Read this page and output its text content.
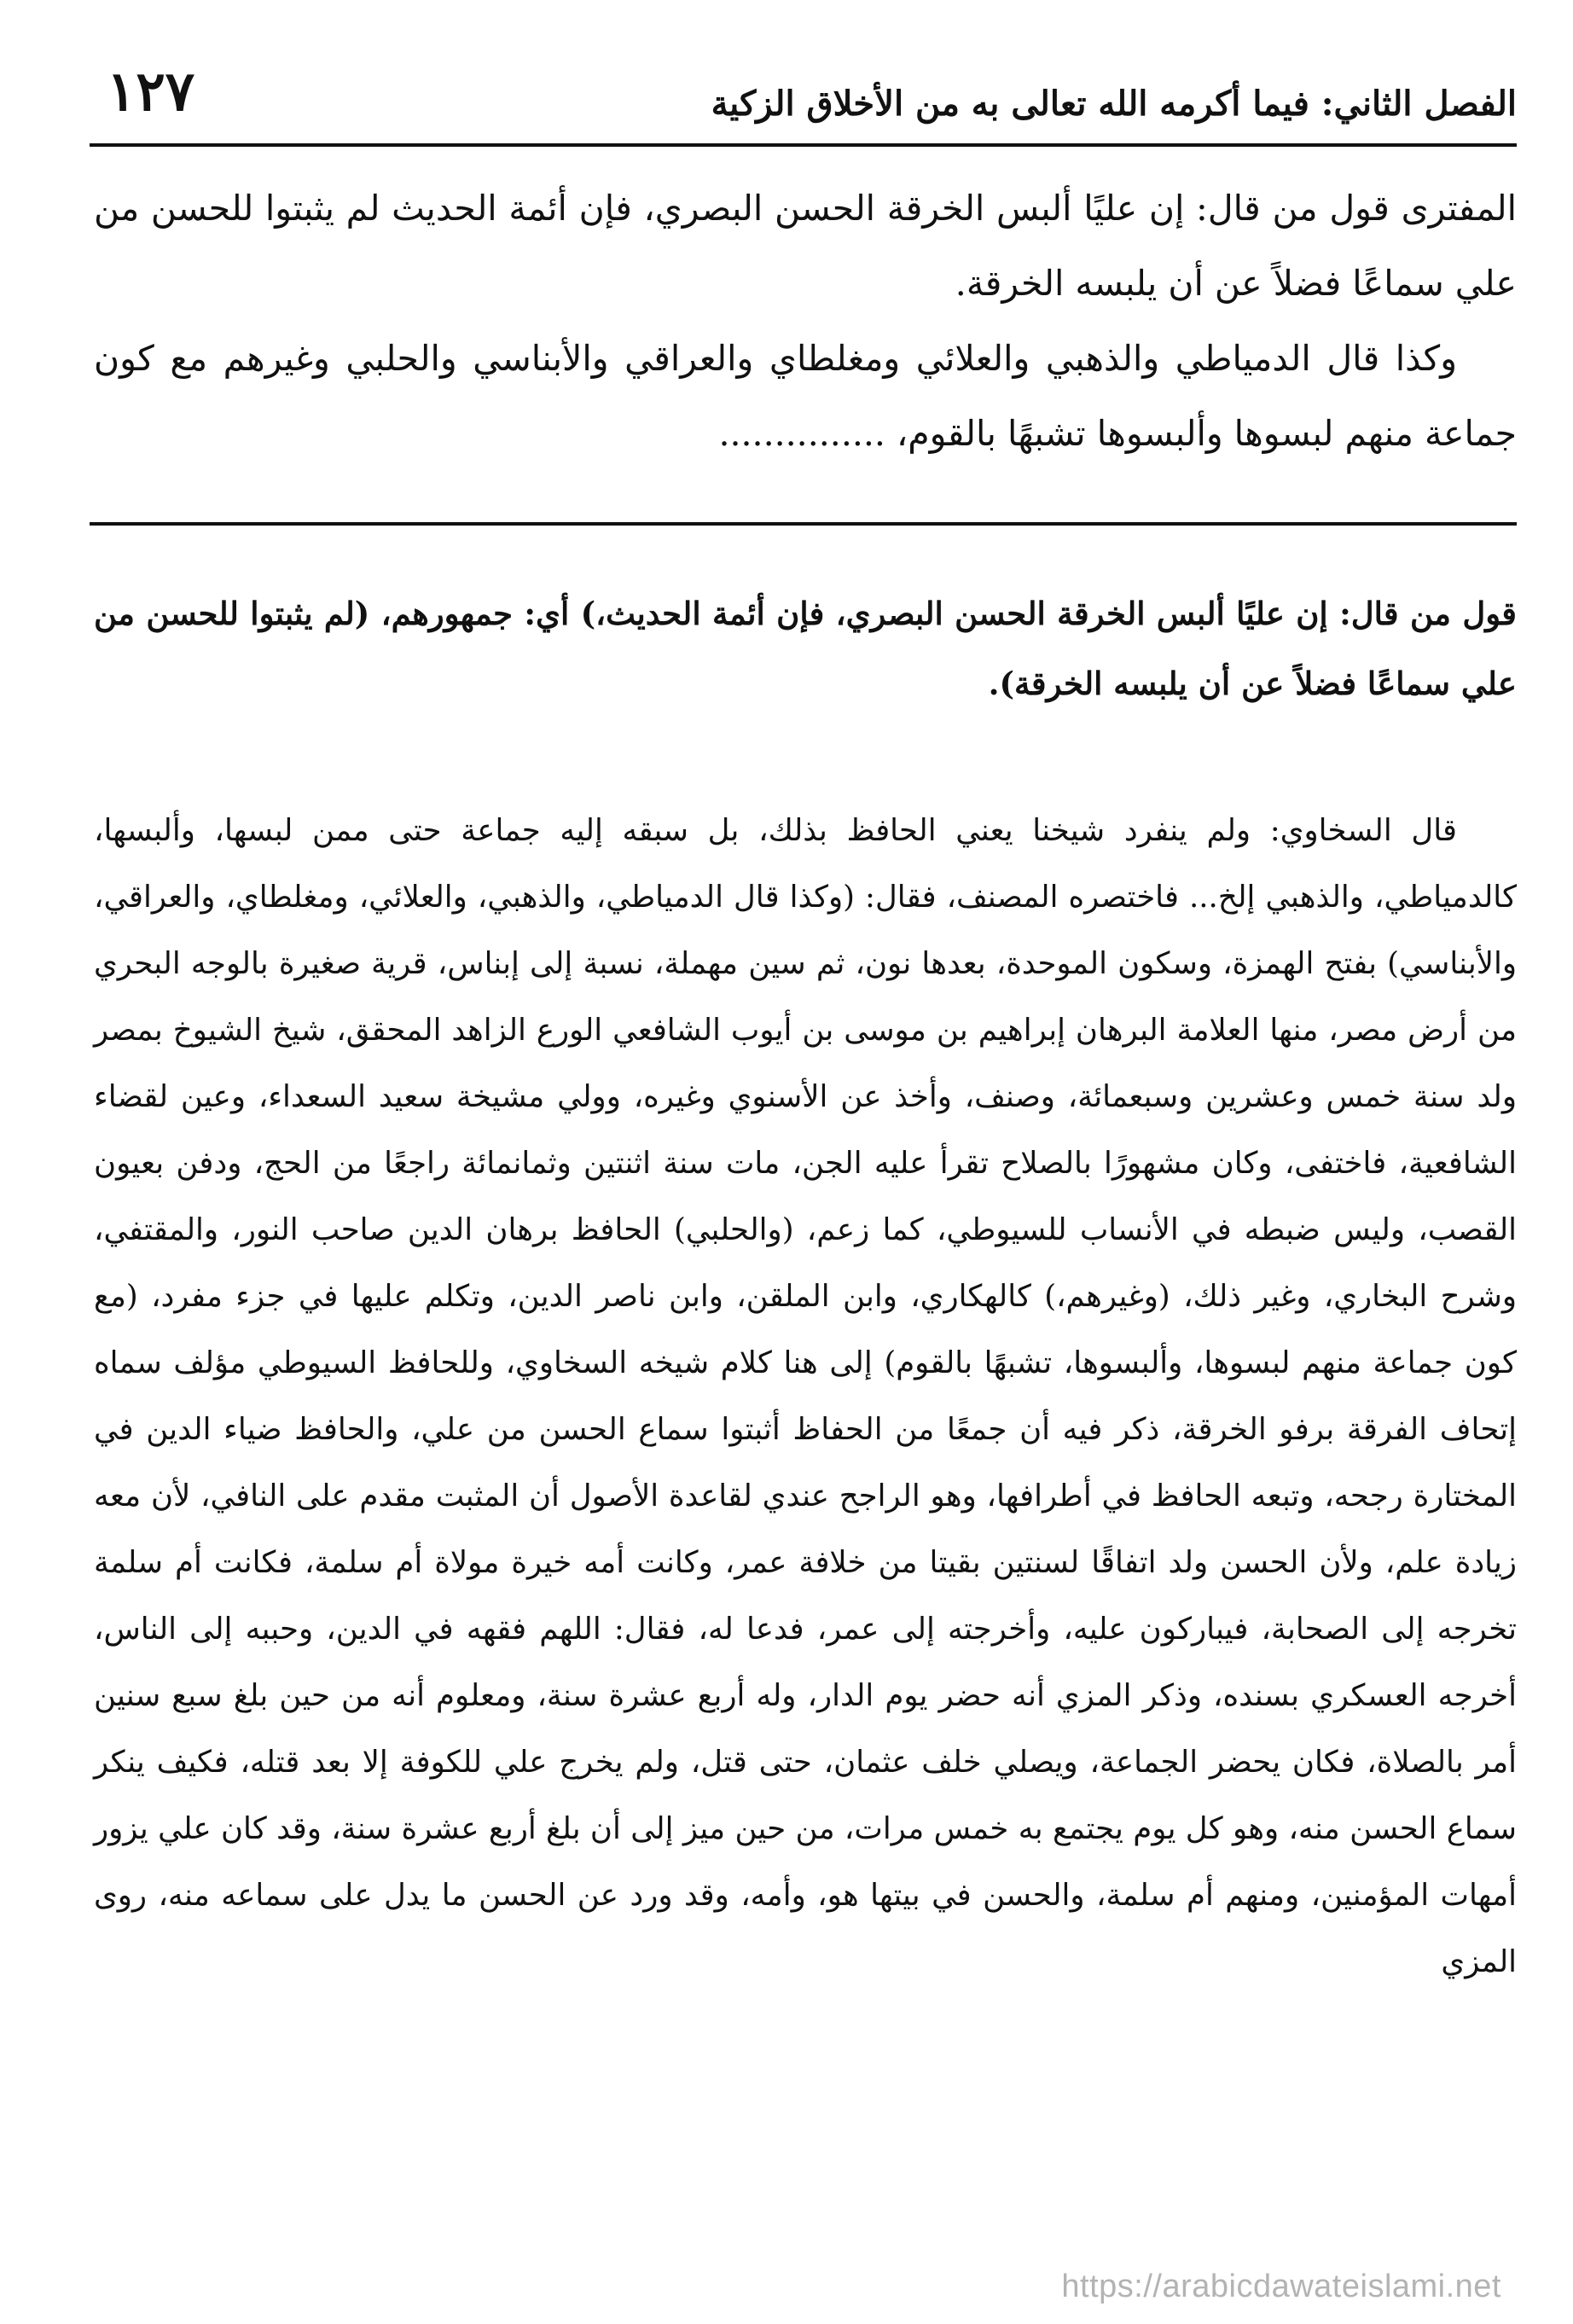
الفصل الثاني: فيما أكرمه الله تعالى به من الأخلاق الزكية
١٢٧

المفترى قول من قال: إن عليًا ألبس الخرقة الحسن البصري، فإن أئمة الحديث لم يثبتوا للحسن من علي سماعًا فضلاً عن أن يلبسه الخرقة.

وكذا قال الدمياطي والذهبي والعلائي ومغلطاي والعراقي والأبناسي والحلبي وغيرهم مع كون جماعة منهم لبسوها وألبسوها تشبهًا بالقوم، ...............

قول من قال: إن عليًا ألبس الخرقة الحسن البصري، فإن أئمة الحديث،) أي: جمهورهم، (لم يثبتوا للحسن من علي سماعًا فضلاً عن أن يلبسه الخرقة).

قال السخاوي: ولم ينفرد شيخنا يعني الحافظ بذلك، بل سبقه إليه جماعة حتى ممن لبسها، وألبسها، كالدمياطي، والذهبي إلخ... فاختصره المصنف، فقال: (وكذا قال الدمياطي، والذهبي، والعلائي، ومغلطاي، والعراقي، والأبناسي) بفتح الهمزة، وسكون الموحدة، بعدها نون، ثم سين مهملة، نسبة إلى إبناس، قرية صغيرة بالوجه البحري من أرض مصر، منها العلامة البرهان إبراهيم بن موسى بن أيوب الشافعي الورع الزاهد المحقق، شيخ الشيوخ بمصر ولد سنة خمس وعشرين وسبعمائة، وصنف، وأخذ عن الأسنوي وغيره، وولي مشيخة سعيد السعداء، وعين لقضاء الشافعية، فاختفى، وكان مشهورًا بالصلاح تقرأ عليه الجن، مات سنة اثنتين وثمانمائة راجعًا من الحج، ودفن بعيون القصب، وليس ضبطه في الأنساب للسيوطي، كما زعم، (والحلبي) الحافظ برهان الدين صاحب النور، والمقتفي، وشرح البخاري، وغير ذلك، (وغيرهم،) كالهكاري، وابن الملقن، وابن ناصر الدين، وتكلم عليها في جزء مفرد، (مع كون جماعة منهم لبسوها، وألبسوها، تشبهًا بالقوم) إلى هنا كلام شيخه السخاوي، وللحافظ السيوطي مؤلف سماه إتحاف الفرقة برفو الخرقة، ذكر فيه أن جمعًا من الحفاظ أثبتوا سماع الحسن من علي، والحافظ ضياء الدين في المختارة رجحه، وتبعه الحافظ في أطرافها، وهو الراجح عندي لقاعدة الأصول أن المثبت مقدم على النافي، لأن معه زيادة علم، ولأن الحسن ولد اتفاقًا لسنتين بقيتا من خلافة عمر، وكانت أمه خيرة مولاة أم سلمة، فكانت أم سلمة تخرجه إلى الصحابة، فيباركون عليه، وأخرجته إلى عمر، فدعا له، فقال: اللهم فقهه في الدين، وحببه إلى الناس، أخرجه العسكري بسنده، وذكر المزي أنه حضر يوم الدار، وله أربع عشرة سنة، ومعلوم أنه من حين بلغ سبع سنين أمر بالصلاة، فكان يحضر الجماعة، ويصلي خلف عثمان، حتى قتل، ولم يخرج علي للكوفة إلا بعد قتله، فكيف ينكر سماع الحسن منه، وهو كل يوم يجتمع به خمس مرات، من حين ميز إلى أن بلغ أربع عشرة سنة، وقد كان علي يزور أمهات المؤمنين، ومنهم أم سلمة، والحسن في بيتها هو، وأمه، وقد ورد عن الحسن ما يدل على سماعه منه، روى المزي

https://arabicdawateislami.net
